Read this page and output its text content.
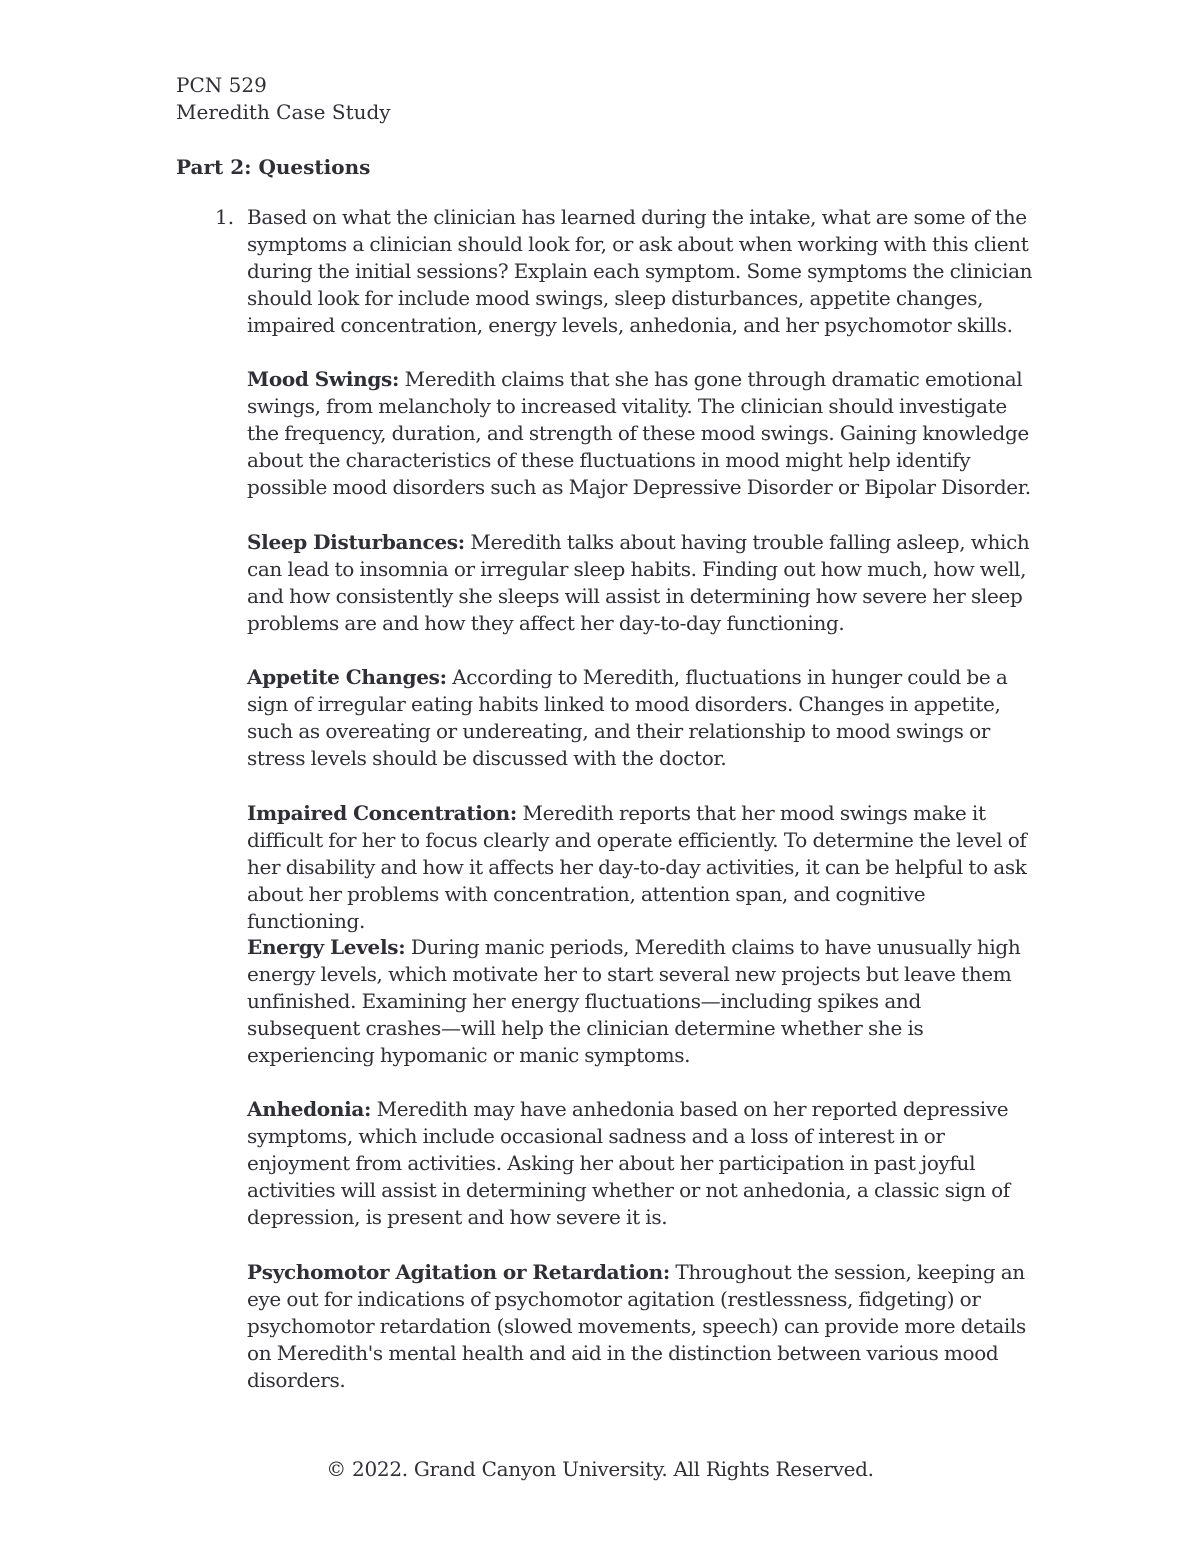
PCN 529
Meredith Case Study
Part 2: Questions
1. Based on what the clinician has learned during the intake, what are some of the symptoms a clinician should look for, or ask about when working with this client during the initial sessions? Explain each symptom. Some symptoms the clinician should look for include mood swings, sleep disturbances, appetite changes, impaired concentration, energy levels, anhedonia, and her psychomotor skills.
Mood Swings: Meredith claims that she has gone through dramatic emotional swings, from melancholy to increased vitality. The clinician should investigate the frequency, duration, and strength of these mood swings. Gaining knowledge about the characteristics of these fluctuations in mood might help identify possible mood disorders such as Major Depressive Disorder or Bipolar Disorder.
Sleep Disturbances: Meredith talks about having trouble falling asleep, which can lead to insomnia or irregular sleep habits. Finding out how much, how well, and how consistently she sleeps will assist in determining how severe her sleep problems are and how they affect her day-to-day functioning.
Appetite Changes: According to Meredith, fluctuations in hunger could be a sign of irregular eating habits linked to mood disorders. Changes in appetite, such as overeating or undereating, and their relationship to mood swings or stress levels should be discussed with the doctor.
Impaired Concentration: Meredith reports that her mood swings make it difficult for her to focus clearly and operate efficiently. To determine the level of her disability and how it affects her day-to-day activities, it can be helpful to ask about her problems with concentration, attention span, and cognitive functioning.
Energy Levels: During manic periods, Meredith claims to have unusually high energy levels, which motivate her to start several new projects but leave them unfinished. Examining her energy fluctuations—including spikes and subsequent crashes—will help the clinician determine whether she is experiencing hypomanic or manic symptoms.
Anhedonia: Meredith may have anhedonia based on her reported depressive symptoms, which include occasional sadness and a loss of interest in or enjoyment from activities. Asking her about her participation in past joyful activities will assist in determining whether or not anhedonia, a classic sign of depression, is present and how severe it is.
Psychomotor Agitation or Retardation: Throughout the session, keeping an eye out for indications of psychomotor agitation (restlessness, fidgeting) or psychomotor retardation (slowed movements, speech) can provide more details on Meredith's mental health and aid in the distinction between various mood disorders.
© 2022. Grand Canyon University. All Rights Reserved.
